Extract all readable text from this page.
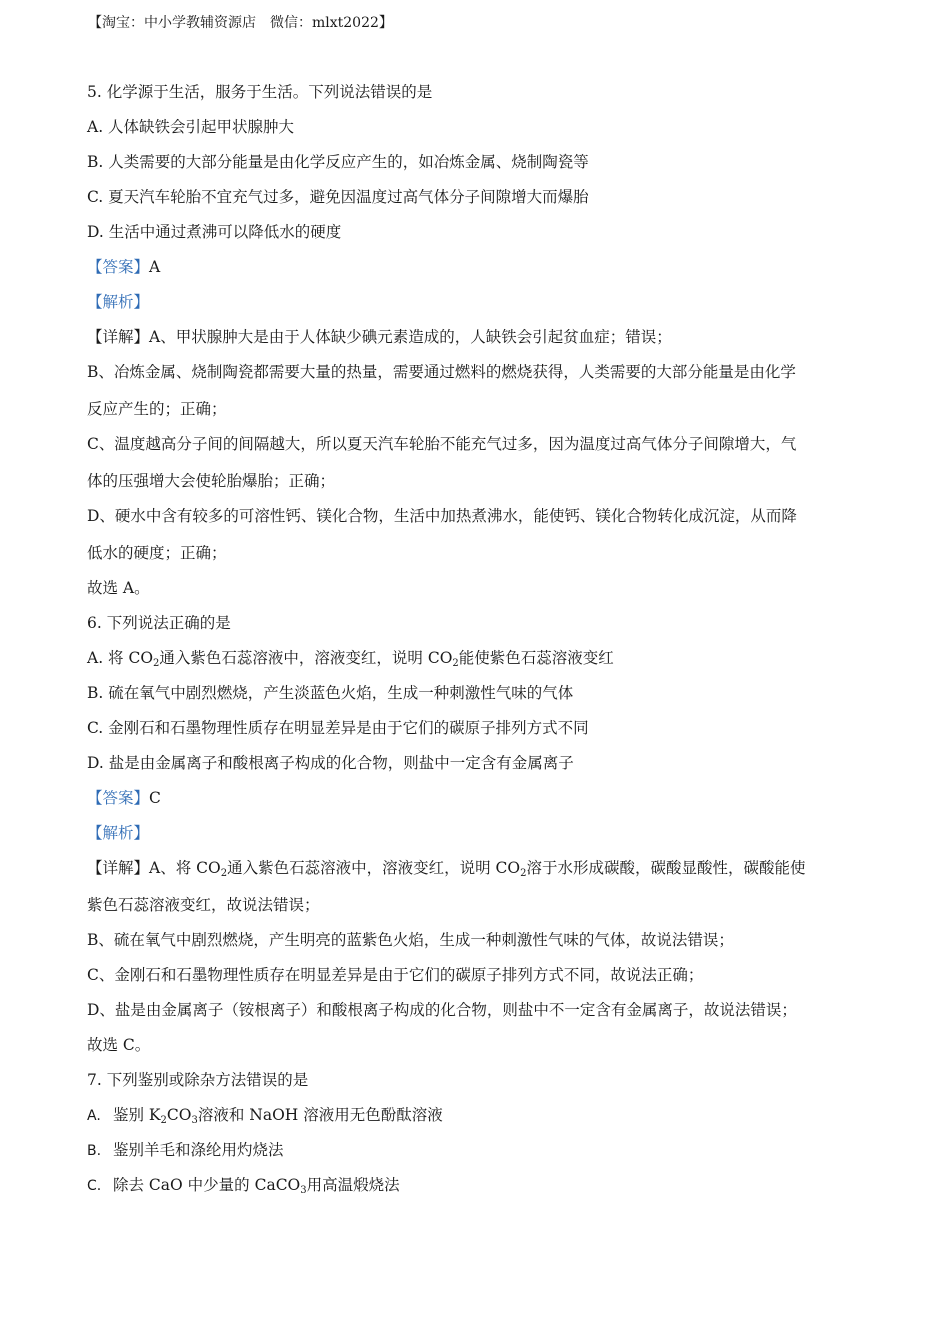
【淘宝：中小学教辅资源店　微信：mlxt2022】
5. 化学源于生活，服务于生活。下列说法错误的是
A. 人体缺铁会引起甲状腺肿大
B. 人类需要的大部分能量是由化学反应产生的，如冶炼金属、烧制陶瓷等
C. 夏天汽车轮胎不宜充气过多，避免因温度过高气体分子间隙增大而爆胎
D. 生活中通过煮沸可以降低水的硬度
【答案】A
【解析】
【详解】A、甲状腺肿大是由于人体缺少碘元素造成的，人缺铁会引起贫血症；错误；
B、冶炼金属、烧制陶瓷都需要大量的热量，需要通过燃料的燃烧获得，人类需要的大部分能量是由化学
反应产生的；正确；
C、温度越高分子间的间隔越大，所以夏天汽车轮胎不能充气过多，因为温度过高气体分子间隙增大，气
体的压强增大会使轮胎爆胎；正确；
D、硬水中含有较多的可溶性钙、镁化合物，生活中加热煮沸水，能使钙、镁化合物转化成沉淀，从而降
低水的硬度；正确；
故选 A。
6. 下列说法正确的是
A. 将 $CO_2$通入紫色石蕊溶液中，溶液变红，说明 $CO_2$能使紫色石蕊溶液变红
B. 硫在氧气中剧烈燃烧，产生淡蓝色火焰，生成一种刺激性气味的气体
C. 金刚石和石墨物理性质存在明显差异是由于它们的碳原子排列方式不同
D. 盐是由金属离子和酸根离子构成的化合物，则盐中一定含有金属离子
【答案】C
【解析】
【详解】A、将 $CO_2$通入紫色石蕊溶液中，溶液变红，说明 $CO_2$溶于水形成碳酸，碳酸显酸性，碳酸能使
紫色石蕊溶液变红，故说法错误；
B、硫在氧气中剧烈燃烧，产生明亮的蓝紫色火焰，生成一种刺激性气味的气体，故说法错误；
C、金刚石和石墨物理性质存在明显差异是由于它们的碳原子排列方式不同，故说法正确；
D、盐是由金属离子（铵根离子）和酸根离子构成的化合物，则盐中不一定含有金属离子，故说法错误；
故选 C。
7. 下列鉴别或除杂方法错误的是
A. 鉴别 $K_2CO_3$溶液和 NaOH 溶液用无色酚酞溶液
B. 鉴别羊毛和涤纶用灼烧法
C. 除去 CaO 中少量的 CaCO$_3$用高温煅烧法
